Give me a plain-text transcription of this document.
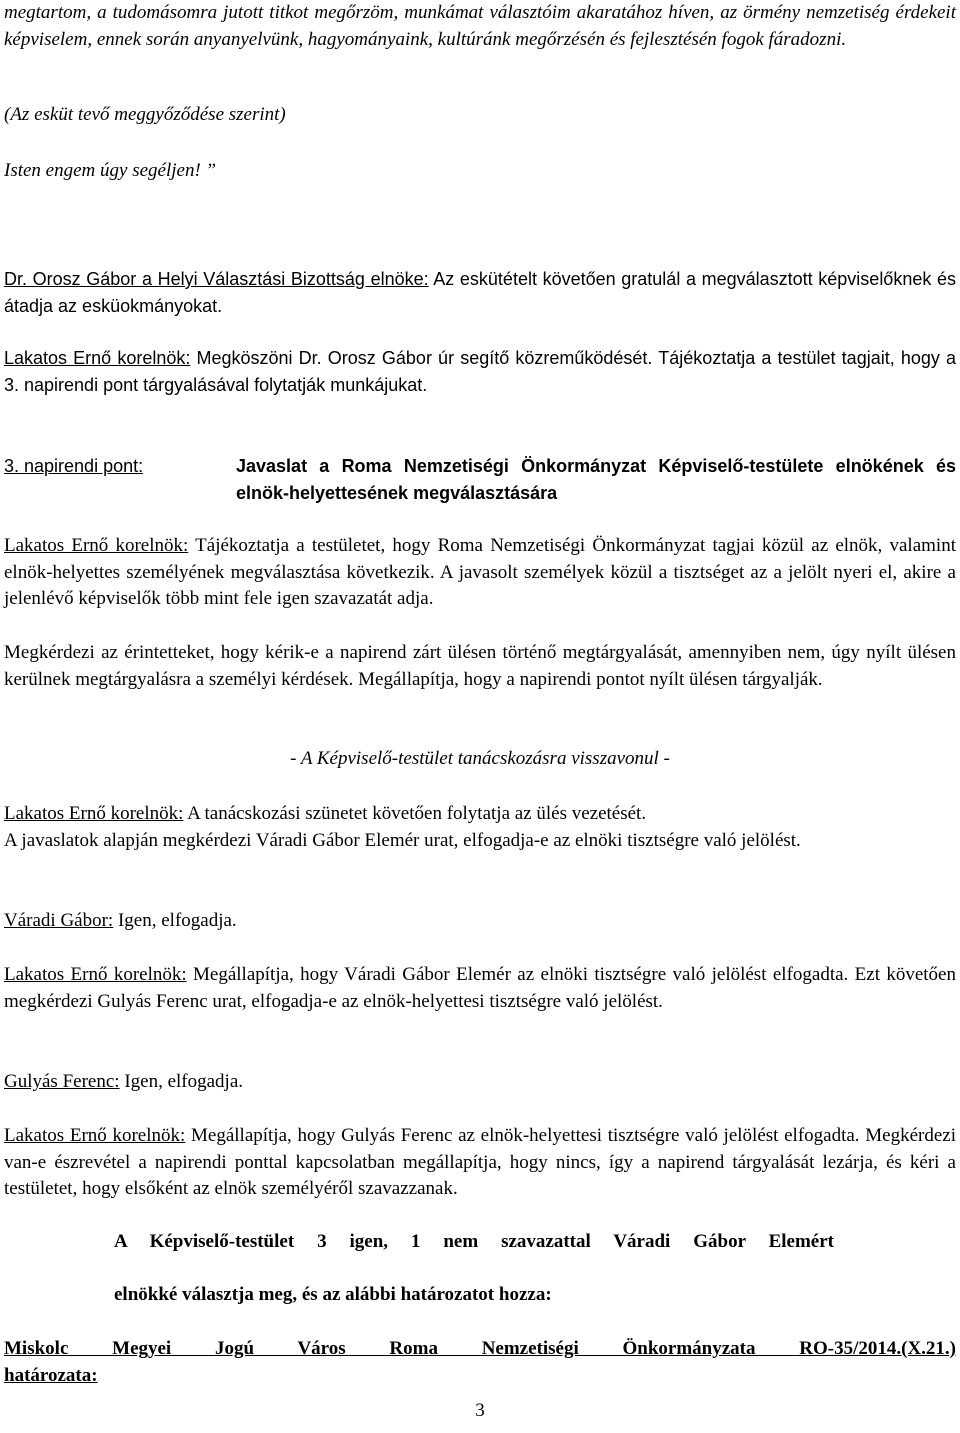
megtartom, a tudomásomra jutott titkot megőrzöm, munkámat választóim akaratához híven, az örmény nemzetiség érdekeit képviselem, ennek során anyanyelvünk, hagyományaink, kultúránk megőrzésén és fejlesztésén fogok fáradozni.
(Az esküt tevő meggyőződése szerint)
Isten engem úgy segéljen! ”
Dr. Orosz Gábor a Helyi Választási Bizottság elnöke: Az eskütételt követően gratulál a megválasztott képviselőknek és átadja az esküokmányokat.
Lakatos Ernő korelnök: Megköszöni Dr. Orosz Gábor úr segítő közreműködését. Tájékoztatja a testület tagjait, hogy a 3. napirendi pont tárgyalásával folytatják munkájukat.
3. napirendi pont:	Javaslat a Roma Nemzetiségi Önkormányzat Képviselő-testülete elnökének és elnök-helyettesének megválasztására
Lakatos Ernő korelnök: Tájékoztatja a testületet, hogy Roma Nemzetiségi Önkormányzat tagjai közül az elnök, valamint elnök-helyettes személyének megválasztása következik. A javasolt személyek közül a tisztséget az a jelölt nyeri el, akire a jelenlévő képviselők több mint fele igen szavazatát adja.
Megkérdezi az érintetteket, hogy kérik-e a napirend zárt ülésen történő megtárgyalását, amennyiben nem, úgy nyílt ülésen kerülnek megtárgyalásra a személyi kérdések. Megállapítja, hogy a napirendi pontot nyílt ülésen tárgyalják.
- A Képviselő-testület tanácskozásra visszavonul -
Lakatos Ernő korelnök: A tanácskozási szünetet követően folytatja az ülés vezetését.
A javaslatok alapján megkérdezi Váradi Gábor Elemér urat, elfogadja-e az elnöki tisztségre való jelölést.
Váradi Gábor: Igen, elfogadja.
Lakatos Ernő korelnök: Megállapítja, hogy Váradi Gábor Elemér az elnöki tisztségre való jelölést elfogadta. Ezt követően megkérdezi Gulyás Ferenc urat, elfogadja-e az elnök-helyettesi tisztségre való jelölést.
Gulyás Ferenc: Igen, elfogadja.
Lakatos Ernő korelnök: Megállapítja, hogy Gulyás Ferenc az elnök-helyettesi tisztségre való jelölést elfogadta. Megkérdezi van-e észrevétel a napirendi ponttal kapcsolatban megállapítja, hogy nincs, így a napirend tárgyalását lezárja, és kéri a testületet, hogy elsőként az elnök személyéről szavazzanak.
A Képviselő-testület 3 igen, 1 nem szavazattal Váradi Gábor Elemért
elnökké választja meg, és az alábbi határozatot hozza:
Miskolc Megyei Jogú Város Roma Nemzetiségi Önkormányzata RO-35/2014.(X.21.)
határozata:
3
